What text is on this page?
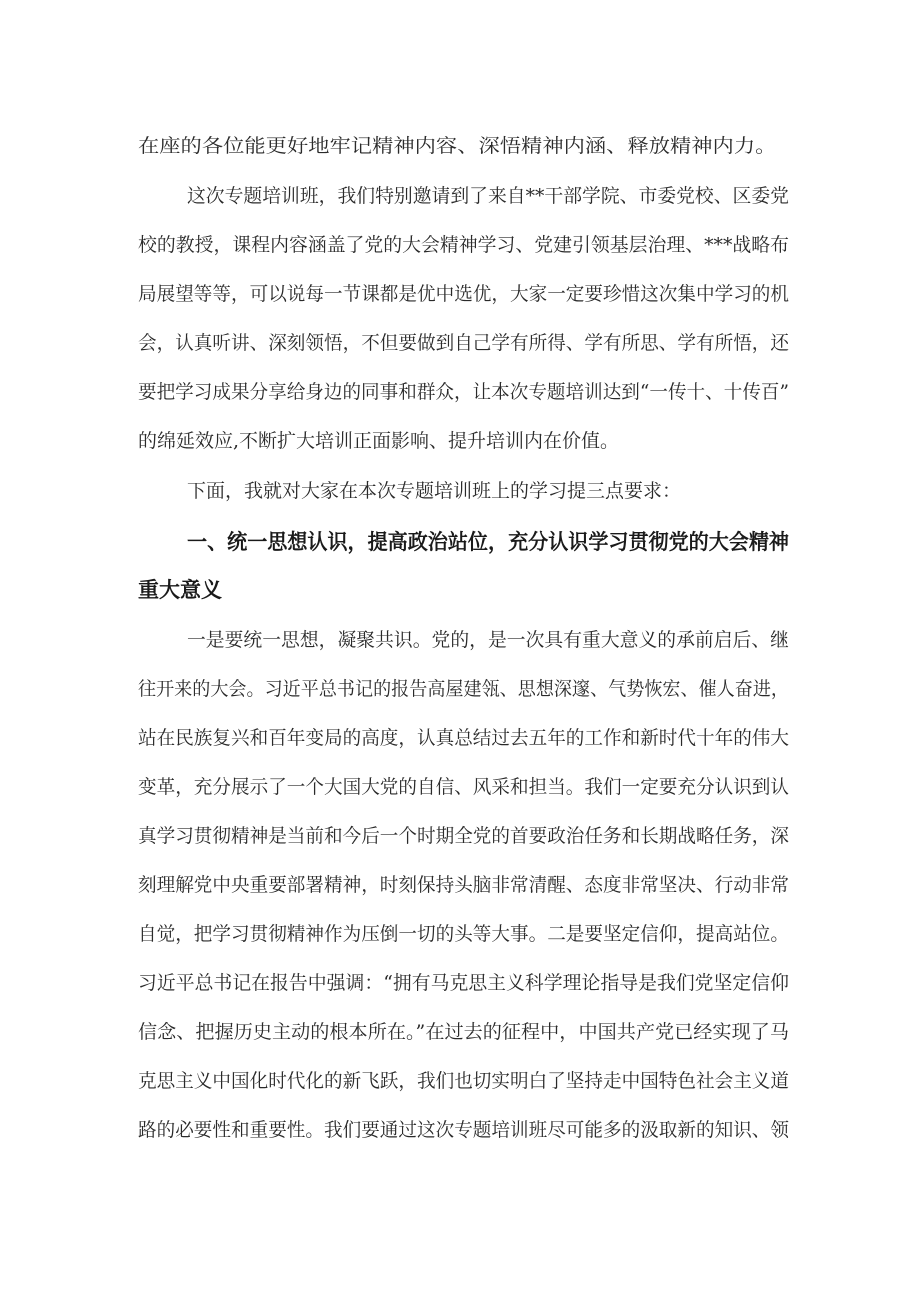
在座的各位能更好地牢记精神内容、深悟精神内涵、释放精神内力。
这次专题培训班，我们特别邀请到了来自**干部学院、市委党校、区委党
校的教授，课程内容涵盖了党的大会精神学习、党建引领基层治理、***战略布
局展望等等，可以说每一节课都是优中选优，大家一定要珍惜这次集中学习的机
会，认真听讲、深刻领悟，不但要做到自己学有所得、学有所思、学有所悟，还
要把学习成果分享给身边的同事和群众，让本次专题培训达到“一传十、十传百”
的绵延效应,不断扩大培训正面影响、提升培训内在价值。
下面，我就对大家在本次专题培训班上的学习提三点要求：
一、统一思想认识，提高政治站位，充分认识学习贯彻党的大会精神
重大意义
一是要统一思想，凝聚共识。党的，是一次具有重大意义的承前启后、继
往开来的大会。习近平总书记的报告高屋建瓴、思想深邃、气势恢宏、催人奋进，
站在民族复兴和百年变局的高度，认真总结过去五年的工作和新时代十年的伟大
变革，充分展示了一个大国大党的自信、风采和担当。我们一定要充分认识到认
真学习贯彻精神是当前和今后一个时期全党的首要政治任务和长期战略任务，深
刻理解党中央重要部署精神，时刻保持头脑非常清醒、态度非常坚决、行动非常
自觉，把学习贯彻精神作为压倒一切的头等大事。二是要坚定信仰，提高站位。
习近平总书记在报告中强调：“拥有马克思主义科学理论指导是我们党坚定信仰
信念、把握历史主动的根本所在。”在过去的征程中，中国共产党已经实现了马
克思主义中国化时代化的新飞跃，我们也切实明白了坚持走中国特色社会主义道
路的必要性和重要性。我们要通过这次专题培训班尽可能多的汲取新的知识、领
